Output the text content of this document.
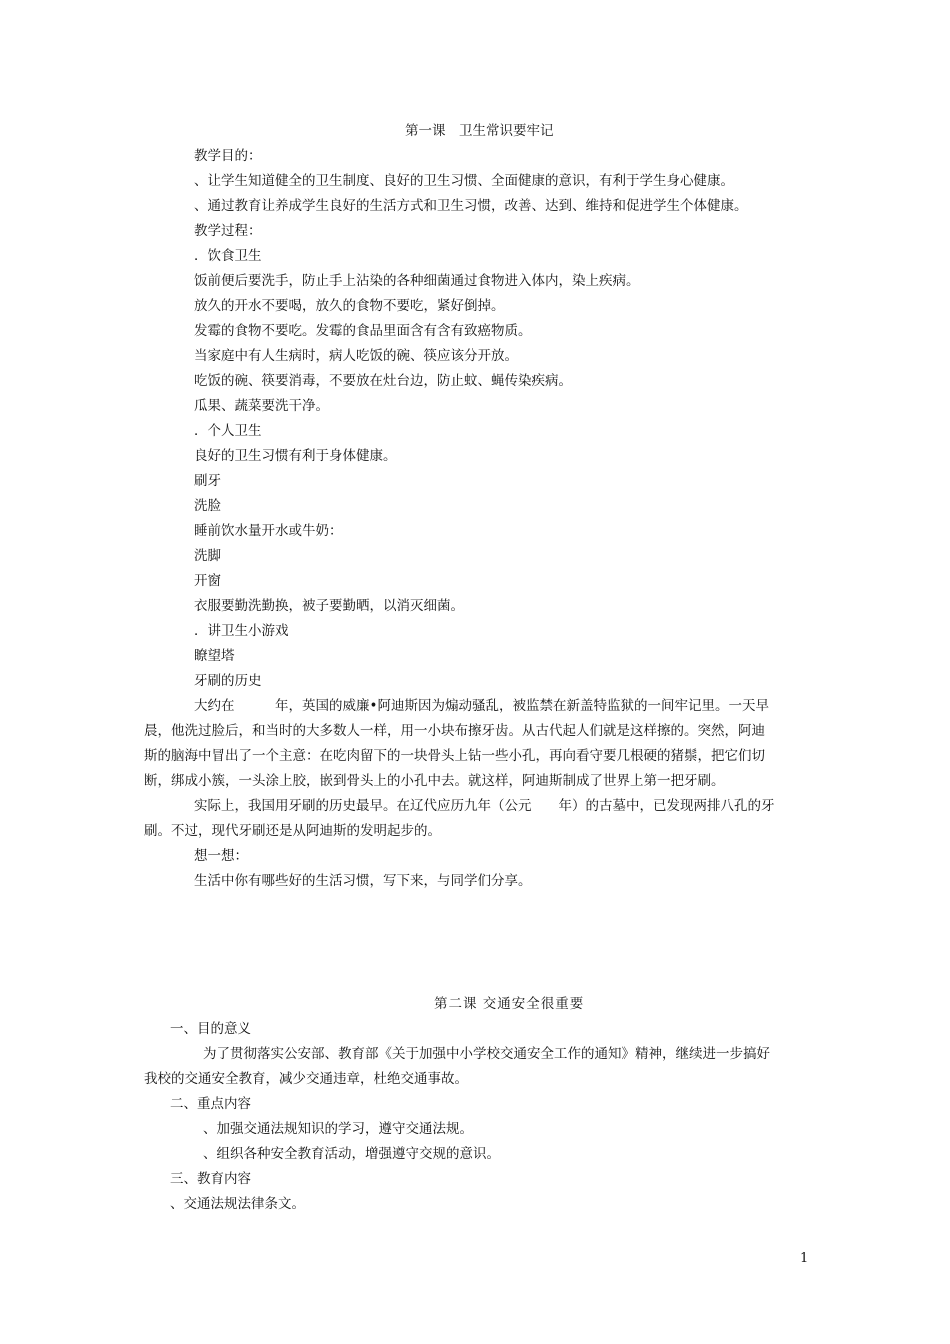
第一课　卫生常识要牢记

教学目的：

、让学生知道健全的卫生制度、良好的卫生习惯、全面健康的意识，有利于学生身心健康。

、通过教育让养成学生良好的生活方式和卫生习惯，改善、达到、维持和促进学生个体健康。

教学过程：

．饮食卫生

饭前便后要洗手，防止手上沾染的各种细菌通过食物进入体内，染上疾病。

放久的开水不要喝，放久的食物不要吃，紧好倒掉。

发霉的食物不要吃。发霉的食品里面含有含有致癌物质。

当家庭中有人生病时，病人吃饭的碗、筷应该分开放。

吃饭的碗、筷要消毒，不要放在灶台边，防止蚊、蝇传染疾病。

瓜果、蔬菜要洗干净。

．个人卫生

良好的卫生习惯有利于身体健康。

刷牙

洗脸

睡前饮水量开水或牛奶：

洗脚

开窗

衣服要勤洗勤换，被子要勤晒，以消灭细菌。

．讲卫生小游戏

瞭望塔

牙刷的历史

大约在　　　年，英国的威廉•阿迪斯因为煽动骚乱，被监禁在新盖特监狱的一间牢记里。一天早

晨，他洗过脸后，和当时的大多数人一样，用一小块布擦牙齿。从古代起人们就是这样擦的。突然，阿迪

斯的脑海中冒出了一个主意：在吃肉留下的一块骨头上钻一些小孔，再向看守要几根硬的猪鬃，把它们切

断，绑成小簇，一头涂上胶，嵌到骨头上的小孔中去。就这样，阿迪斯制成了世界上第一把牙刷。

实际上，我国用牙刷的历史最早。在辽代应历九年（公元　　年）的古墓中，已发现两排八孔的牙

刷。不过，现代牙刷还是从阿迪斯的发明起步的。

想一想：

生活中你有哪些好的生活习惯，写下来，与同学们分享。

第二课 交通安全很重要

一、目的意义

为了贯彻落实公安部、教育部《关于加强中小学校交通安全工作的通知》精神，继续进一步搞好

我校的交通安全教育，减少交通违章，杜绝交通事故。

二、重点内容

、加强交通法规知识的学习，遵守交通法规。

、组织各种安全教育活动，增强遵守交规的意识。

三、教育内容

、交通法规法律条文。

1
